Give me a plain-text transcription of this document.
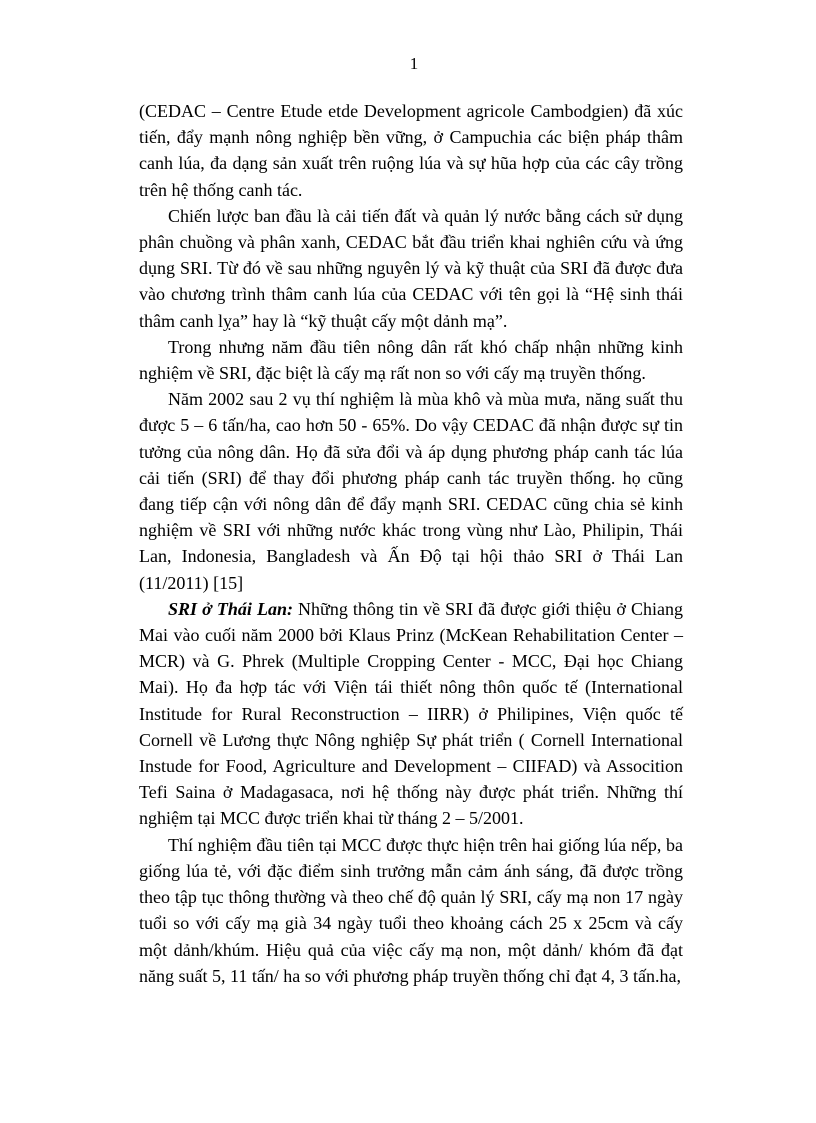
1

(CEDAC – Centre Etude etde Development agricole Cambodgien) đã xúc tiến, đẩy mạnh nông nghiệp bền vững, ở Campuchia các biện pháp thâm canh lúa, đa dạng sản xuất trên ruộng lúa và sự hũa hợp của các cây trồng trên hệ thống canh tác.

Chiến lược ban đầu là cải tiến đất và quản lý nước bằng cách sử dụng phân chuồng và phân xanh, CEDAC bắt đầu triển khai nghiên cứu và ứng dụng SRI. Từ đó về sau những nguyên lý và kỹ thuật của SRI đã được đưa vào chương trình thâm canh lúa của CEDAC với tên gọi là “Hệ sinh thái thâm canh lỵa” hay là “kỹ thuật cấy một dảnh mạ”.

Trong nhưng năm đầu tiên nông dân rất khó chấp nhận những kinh nghiệm về SRI, đặc biệt là cấy mạ rất non so với cấy mạ truyền thống.

Năm 2002 sau 2 vụ thí nghiệm là mùa khô và mùa mưa, năng suất thu được 5 – 6 tấn/ha, cao hơn 50 - 65%. Do vậy CEDAC đã nhận được sự tin tưởng của nông dân. Họ đã sửa đổi và áp dụng phương pháp canh tác lúa cải tiến (SRI) để thay đổi phương pháp canh tác truyền thống. họ cũng đang tiếp cận với nông dân để đẩy mạnh SRI. CEDAC cũng chia sẻ kinh nghiệm về SRI với những nước khác trong vùng như Lào, Philipin, Thái Lan, Indonesia, Bangladesh và Ấn Độ tại hội thảo SRI ở Thái Lan (11/2011) [15]

SRI ở Thái Lan: Những thông tin về SRI đã được giới thiệu ở Chiang Mai vào cuối năm 2000 bởi Klaus Prinz (McKean Rehabilitation Center – MCR) và G. Phrek (Multiple Cropping Center - MCC, Đại học Chiang Mai). Họ đa hợp tác với Viện tái thiết nông thôn quốc tế (International Institude for Rural Reconstruction – IIRR) ở Philipines, Viện quốc tế Cornell về Lương thực Nông nghiệp Sự phát triển ( Cornell International Instude for Food, Agriculture and Development – CIIFAD) và Assocition Tefi Saina ở Madagasaca, nơi hệ thống này được phát triển. Những thí nghiệm tại MCC được triển khai từ tháng 2 – 5/2001.

Thí nghiệm đầu tiên tại MCC được thực hiện trên hai giống lúa nếp, ba giống lúa tẻ, với đặc điểm sinh trưởng mẫn cảm ánh sáng, đã được trồng theo tập tục thông thường và theo chế độ quản lý SRI, cấy mạ non 17 ngày tuổi so với cấy mạ già 34 ngày tuổi theo khoảng cách 25 x 25cm và cấy một dảnh/khúm. Hiệu quả của việc cấy mạ non, một dảnh/ khóm đã đạt năng suất 5, 11 tấn/ ha so với phương pháp truyền thống chỉ đạt 4, 3 tấn.ha,
